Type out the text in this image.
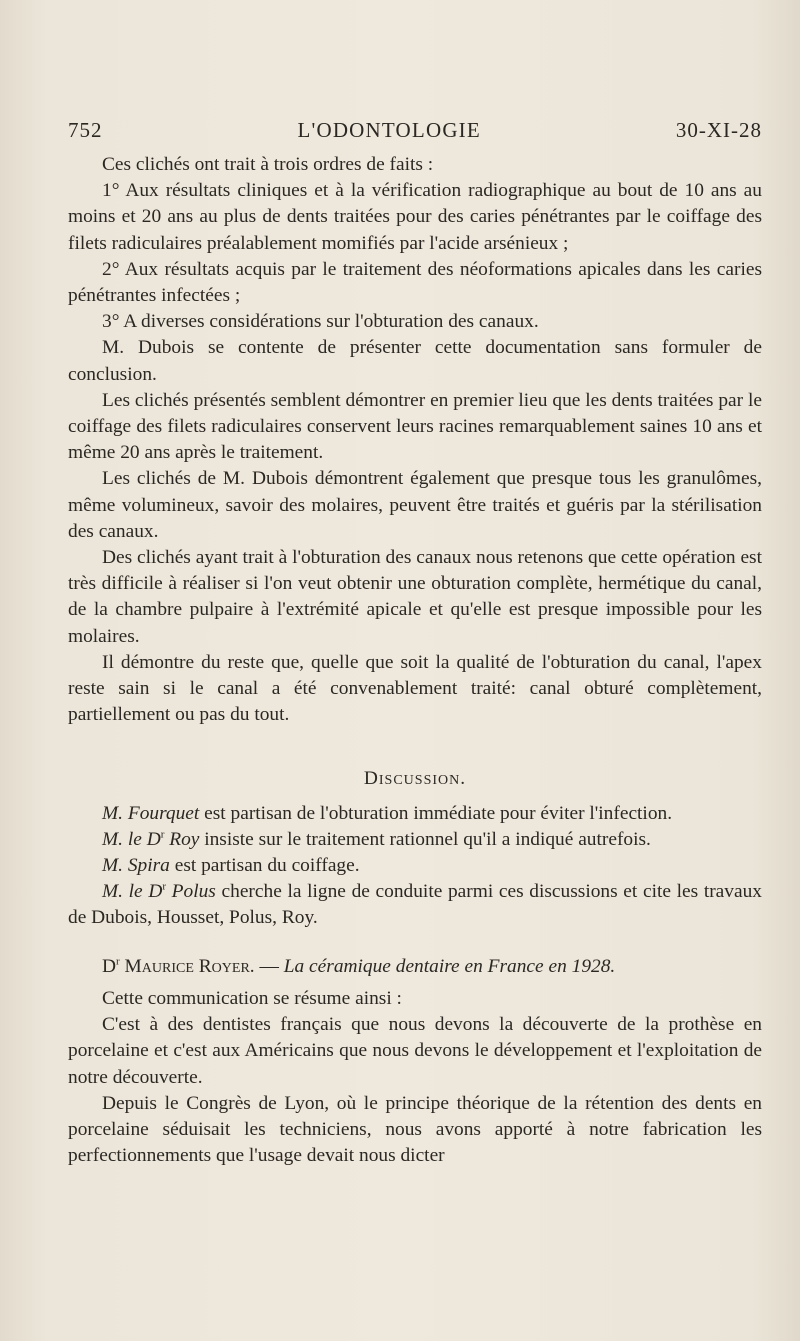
752	L'ODONTOLOGIE	30-XI-28

Ces clichés ont trait à trois ordres de faits :

1° Aux résultats cliniques et à la vérification radiographique au bout de 10 ans au moins et 20 ans au plus de dents traitées pour des caries pénétrantes par le coiffage des filets radiculaires préalablement momifiés par l'acide arsénieux ;

2° Aux résultats acquis par le traitement des néoformations apicales dans les caries pénétrantes infectées ;

3° A diverses considérations sur l'obturation des canaux.

M. Dubois se contente de présenter cette documentation sans formuler de conclusion.

Les clichés présentés semblent démontrer en premier lieu que les dents traitées par le coiffage des filets radiculaires conservent leurs racines remarquablement saines 10 ans et même 20 ans après le traitement.

Les clichés de M. Dubois démontrent également que presque tous les granulômes, même volumineux, savoir des molaires, peuvent être traités et guéris par la stérilisation des canaux.

Des clichés ayant trait à l'obturation des canaux nous retenons que cette opération est très difficile à réaliser si l'on veut obtenir une obturation complète, hermétique du canal, de la chambre pulpaire à l'extrémité apicale et qu'elle est presque impossible pour les molaires.

Il démontre du reste que, quelle que soit la qualité de l'obturation du canal, l'apex reste sain si le canal a été convenablement traité: canal obturé complètement, partiellement ou pas du tout.

Discussion.

M. Fourquet est partisan de l'obturation immédiate pour éviter l'infection.

M. le $D^r$ Roy insiste sur le traitement rationnel qu'il a indiqué autrefois.

M. Spira est partisan du coiffage.

M. le $D^r$ Polus cherche la ligne de conduite parmi ces discussions et cite les travaux de Dubois, Housset, Polus, Roy.

$D^r$ Maurice Royer. — La céramique dentaire en France en 1928.

Cette communication se résume ainsi :

C'est à des dentistes français que nous devons la découverte de la prothèse en porcelaine et c'est aux Américains que nous devons le développement et l'exploitation de notre découverte.

Depuis le Congrès de Lyon, où le principe théorique de la rétention des dents en porcelaine séduisait les techniciens, nous avons apporté à notre fabrication les perfectionnements que l'usage devait nous dicter
